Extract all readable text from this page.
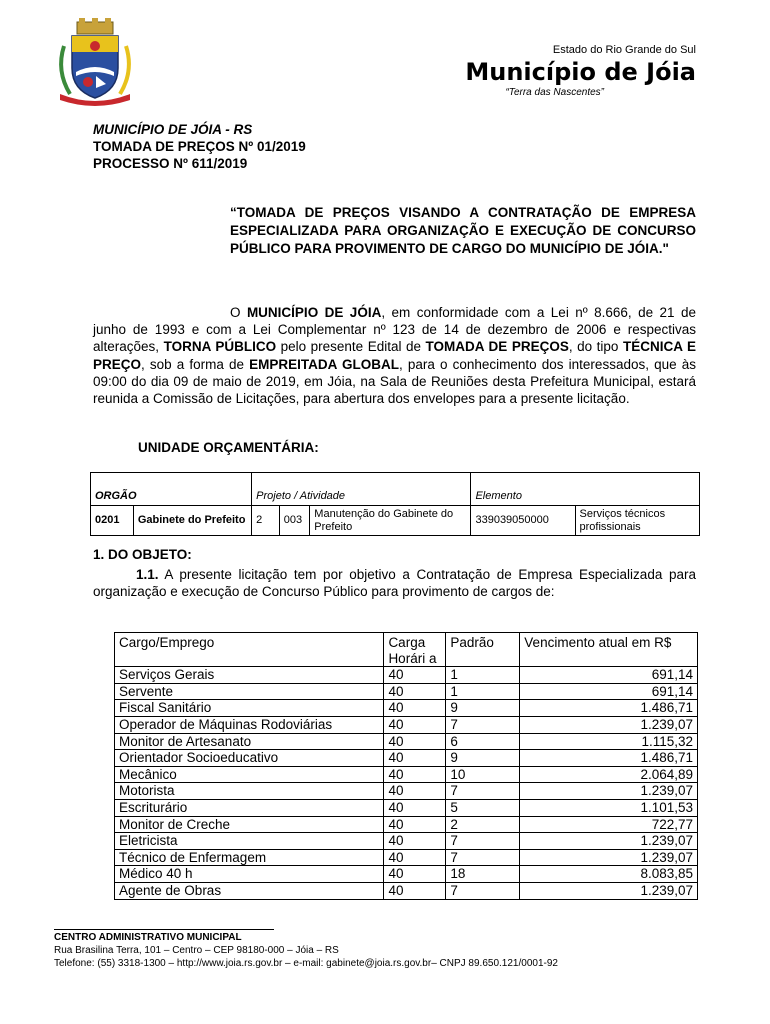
Estado do Rio Grande do Sul
Município de Jóia
“Terra das Nascentes”
MUNICÍPIO DE JÓIA - RS
TOMADA DE PREÇOS Nº 01/2019
PROCESSO Nº 611/2019
“TOMADA DE PREÇOS VISANDO A CONTRATAÇÃO DE EMPRESA ESPECIALIZADA PARA ORGANIZAÇÃO E EXECUÇÃO DE CONCURSO PÚBLICO PARA PROVIMENTO DE CARGO DO MUNICÍPIO DE JÓIA."
O MUNICÍPIO DE JÓIA, em conformidade com a Lei nº 8.666, de 21 de junho de 1993 e com a Lei Complementar nº 123 de 14 de dezembro de 2006 e respectivas alterações, TORNA PÚBLICO pelo presente Edital de TOMADA DE PREÇOS, do tipo TÉCNICA E PREÇO, sob a forma de EMPREITADA GLOBAL, para o conhecimento dos interessados, que às 09:00 do dia 09 de maio de 2019, em Jóia, na Sala de Reuniões desta Prefeitura Municipal, estará reunida a Comissão de Licitações, para abertura dos envelopes para a presente licitação.
UNIDADE ORÇAMENTÁRIA:
ORGÃO		Projeto / Atividade			Elemento	
0201	Gabinete do Prefeito	2	003	Manutenção do Gabinete do Prefeito	339039050000	Serviços técnicos profissionais
1. DO OBJETO:
1.1. A presente licitação tem por objetivo a Contratação de Empresa Especializada para organização e execução de Concurso Público para provimento de cargos de:
Cargo/Emprego	Carga Horári a	Padrão	Vencimento atual em R$
Serviços Gerais	40	1	691,14
Servente	40	1	691,14
Fiscal Sanitário	40	9	1.486,71
Operador de Máquinas Rodoviárias	40	7	1.239,07
Monitor de Artesanato	40	6	1.115,32
Orientador Socioeducativo	40	9	1.486,71
Mecânico	40	10	2.064,89
Motorista	40	7	1.239,07
Escriturário	40	5	1.101,53
Monitor de Creche	40	2	722,77
Eletricista	40	7	1.239,07
Técnico de Enfermagem	40	7	1.239,07
Médico 40 h	40	18	8.083,85
Agente de Obras	40	7	1.239,07
CENTRO ADMINISTRATIVO MUNICIPAL
Rua Brasilina Terra, 101 – Centro – CEP 98180-000 – Jóia – RS
Telefone: (55) 3318-1300 – http://www.joia.rs.gov.br – e-mail: gabinete@joia.rs.gov.br– CNPJ 89.650.121/0001-92
